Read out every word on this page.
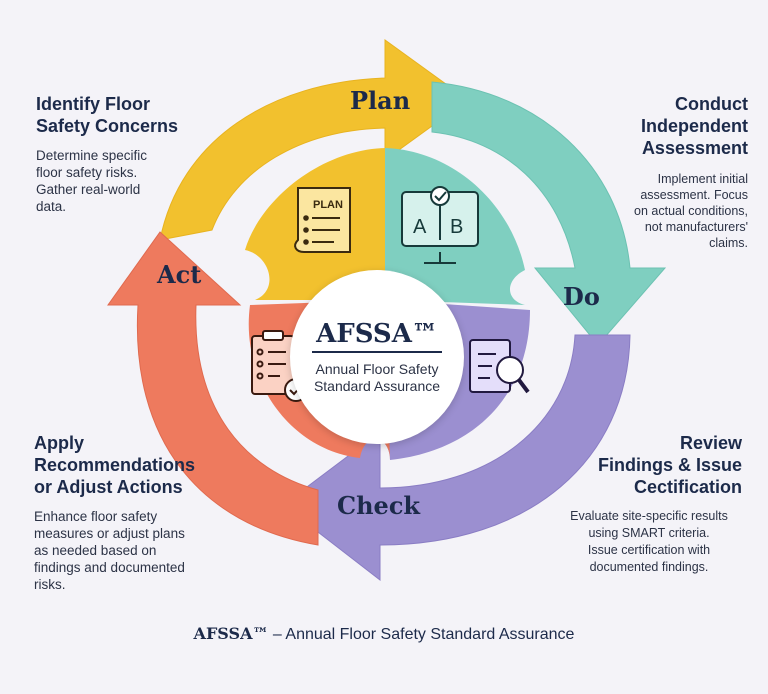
PLAN
A B
Plan
Do
Check
Act
AFSSA™
Annual Floor Safety Standard Assurance
Identify Floor
Safety Concerns
Determine specific
floor safety risks.
Gather real-world
data.
Conduct
Independent
Assessment
Implement initial
assessment. Focus
on actual conditions,
not manufacturers'
claims.
Apply
Recommendations
or Adjust Actions
Enhance floor safety
measures or adjust plans
as needed based on
findings and documented
risks.
Review
Findings & Issue
Cectification
Evaluate site-specific results
using SMART criteria.
Issue certification with
documented findings.
AFSSA™ – Annual Floor Safety Standard Assurance
